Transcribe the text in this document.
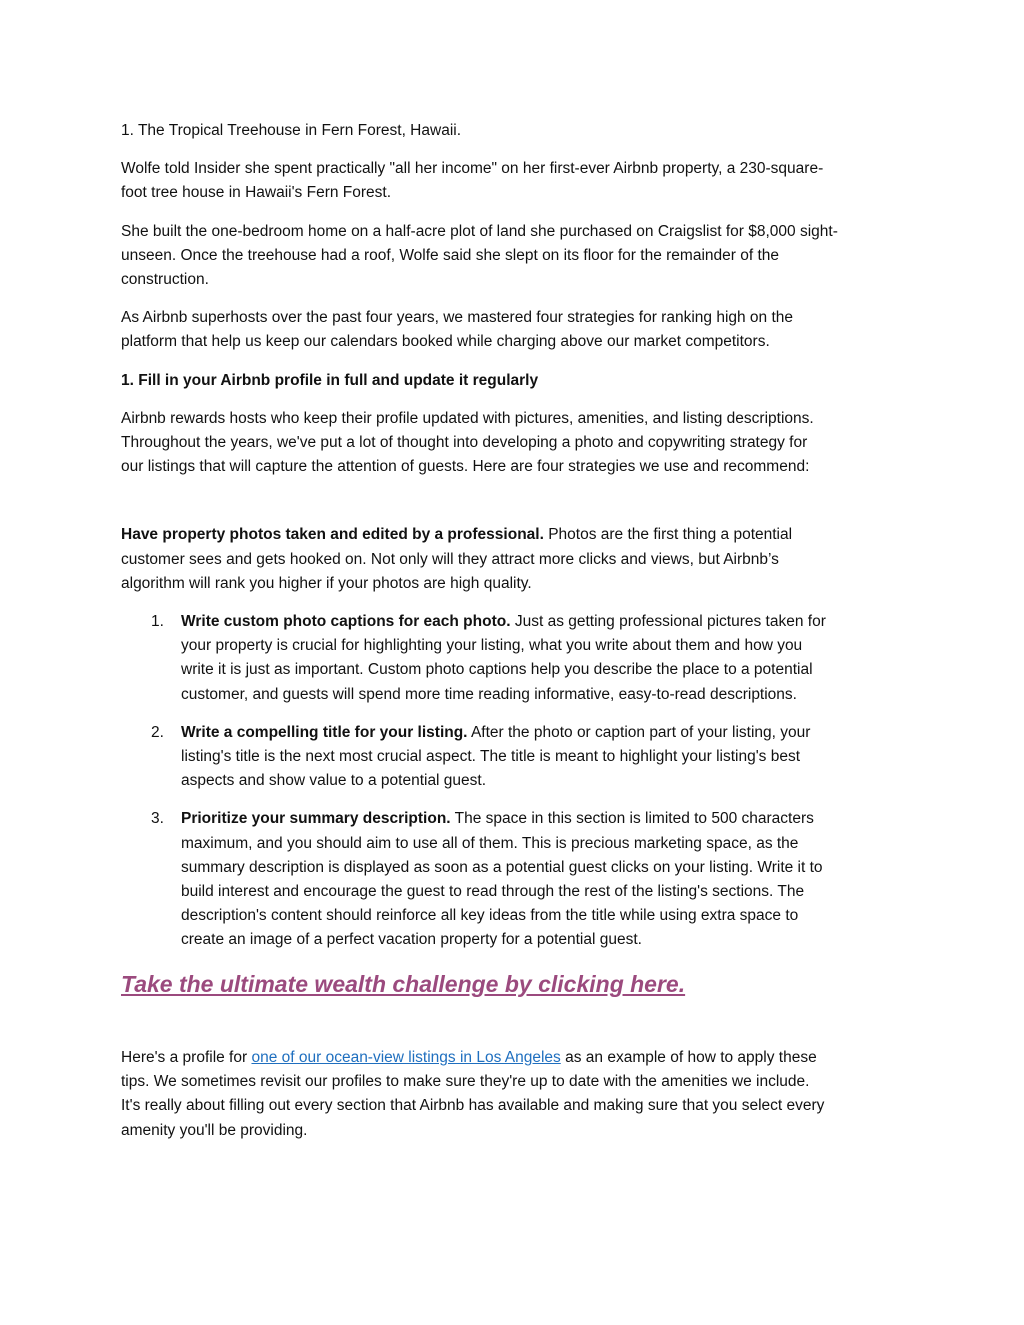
1. The Tropical Treehouse in Fern Forest, Hawaii.

Wolfe told Insider she spent practically "all her income" on her first-ever Airbnb property, a 230-square-
foot tree house in Hawaii's Fern Forest.

She built the one-bedroom home on a half-acre plot of land she purchased on Craigslist for $8,000 sight-
unseen. Once the treehouse had a roof, Wolfe said she slept on its floor for the remainder of the
construction.

As Airbnb superhosts over the past four years, we mastered four strategies for ranking high on the
platform that help us keep our calendars booked while charging above our market competitors.

1. Fill in your Airbnb profile in full and update it regularly

Airbnb rewards hosts who keep their profile updated with pictures, amenities, and listing descriptions.
Throughout the years, we've put a lot of thought into developing a photo and copywriting strategy for
our listings that will capture the attention of guests. Here are four strategies we use and recommend:

Have property photos taken and edited by a professional. Photos are the first thing a potential
customer sees and gets hooked on. Not only will they attract more clicks and views, but Airbnb’s
algorithm will rank you higher if your photos are high quality.

1. Write custom photo captions for each photo. Just as getting professional pictures taken for
your property is crucial for highlighting your listing, what you write about them and how you
write it is just as important. Custom photo captions help you describe the place to a potential
customer, and guests will spend more time reading informative, easy-to-read descriptions.
2. Write a compelling title for your listing. After the photo or caption part of your listing, your
listing's title is the next most crucial aspect. The title is meant to highlight your listing's best
aspects and show value to a potential guest.
3. Prioritize your summary description. The space in this section is limited to 500 characters
maximum, and you should aim to use all of them. This is precious marketing space, as the
summary description is displayed as soon as a potential guest clicks on your listing. Write it to
build interest and encourage the guest to read through the rest of the listing's sections. The
description's content should reinforce all key ideas from the title while using extra space to
create an image of a perfect vacation property for a potential guest.
Take the ultimate wealth challenge by clicking here.

Here's a profile for one of our ocean-view listings in Los Angeles as an example of how to apply these
tips. We sometimes revisit our profiles to make sure they're up to date with the amenities we include.
It's really about filling out every section that Airbnb has available and making sure that you select every
amenity you'll be providing.
